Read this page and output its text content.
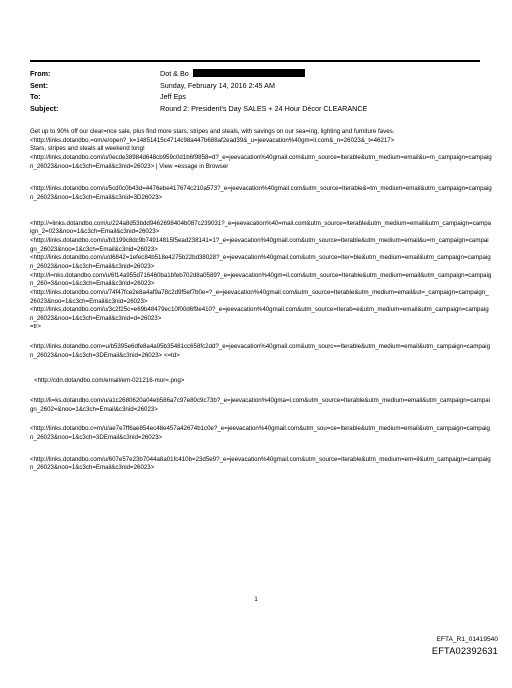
From:	Dot & Bo
Sent:	Sunday, February 14, 2016 2:45 AM
To:	Jeff Eps
Subject:	Round 2: President's Day SALES + 24 Hour Décor CLEARANCE

Get up to 90% off our clear=nce sale, plus find more stars, stripes and steals, with savings on our sea=ing, lighting and furniture faves.
<http://links.dotandbo.=om/e/open?_k=14851415c4714c98a447b688af2ead39&_u=jeevacation%40gm=il.com&_n=26023&_t=46217>
Stars, stripes and steals all weekend long!
<http://links.dotandbo.com/u/0ecde38984d648cb959c0d1b6f9858=d?_e=jeevacation%40gmail.com&utm_source=Iterable&utm_medium=email&u=m_campaign=campaign_26023&noo=1&c3ch=Email&c3nid=26023> | View =essage in Browser

<http://links.dotandbo.com/u/5cd0c0b43d=4476ebe417674c210a573?_e=jeevacation%40gmail.com&utm_source=Iterable&=tm_medium=email&utm_campaign=campaign_26023&noo=1&c3ch=Email&c3nid=3D26023>

<http://=links.dotandbo.com/u/224a8d53bdd9462698404b087c239031?_e=jeevacation%40=mail.com&utm_source=Iterable&utm_medium=email&utm_campaign=campaign_2=023&noo=1&c3ch=Email&c3nid=26023>
<http://links.dotandbo.com/u/b3199c8dc9b74914815f5ead238141=1?_e=jeevacation%40gmail.com&utm_source=Iterable&utm_medium=email&u=m_campaign=campaign_26023&noo=1&c3ch=Email&c3nid=26023>
<http://links.dotandbo.com/u/d6842=1efec84b518e4275b22bd38028?_e=jeevacation%40gmail.com&utm_source=Iter=ble&utm_medium=email&utm_campaign=campaign_26023&noo=1&c3ch=Email&c3nid=26023>
<http://l=nks.dotandbo.com/u/6f14a955d716460ba1bfeb702d8a0589?_e=jeevacation%40gm=il.com&utm_source=Iterable&utm_medium=email&utm_campaign=campaign_260=3&noo=1&c3ch=Email&c3nid=26023>
<http://links.dotandbo.com/u/74f47fce2e8a4af9a78c2d9f5ef7b0e=?_e=jeevacation%40gmail.com&utm_source=Iterable&utm_medium=email&ut=_campaign=campaign_26023&noo=1&c3ch=Email&c3nid=26023>
<http://links.dotandbo.com/u/3c2f25c=e69b48479ec10f00d6f9e410?_e=jeevacation%40gmail.com&utm_source=Iterab=e&utm_medium=email&utm_campaign=campaign_26023&noo=1&c3ch=Email&c3nid=d=26023>
=tr>

<http://links.dotandbo.com=u/b5395e6dfe8a4a95b35481cc658fc2dd?_e=jeevacation%40gmail.com&utm_sourc==Iterable&utm_medium=email&utm_campaign=campaign_26023&noo=1&c3ch=3DEmail&c3nid=26023> <=td>

<http://cdn.dotandbo.com/email/em-021216-mor=.png>

<http://li=ks.dotandbo.com/u/a1c2680620a04eb586a7c97e80c9c73b?_e=jeevacation%40gma=l.com&utm_source=Iterable&utm_medium=email&utm_campaign=campaign_2602=&noo=1&c3ch=Email&c3nid=26023>

<http://links.dotandbo.c=m/u/ae7e7ff6ae854ec48e457a42674b1c0e?_e=jeevacation%40gmail.com&utm_sou=ce=Iterable&utm_medium=email&utm_campaign=campaign_26023&noo=1&c3ch=3DEmail&c3nid=26023>

<http://links.dotandbo.com/u/607e57e23b7044a8a01fc410b=23d5e9?_e=jeevacation%40gmail.com&utm_source=Iterable&utm_medium=em=il&utm_campaign=campaign_26023&noo=1&c3ch=Email&c3nid=26023>

1
EFTA_R1_01419540
EFTA02392631
